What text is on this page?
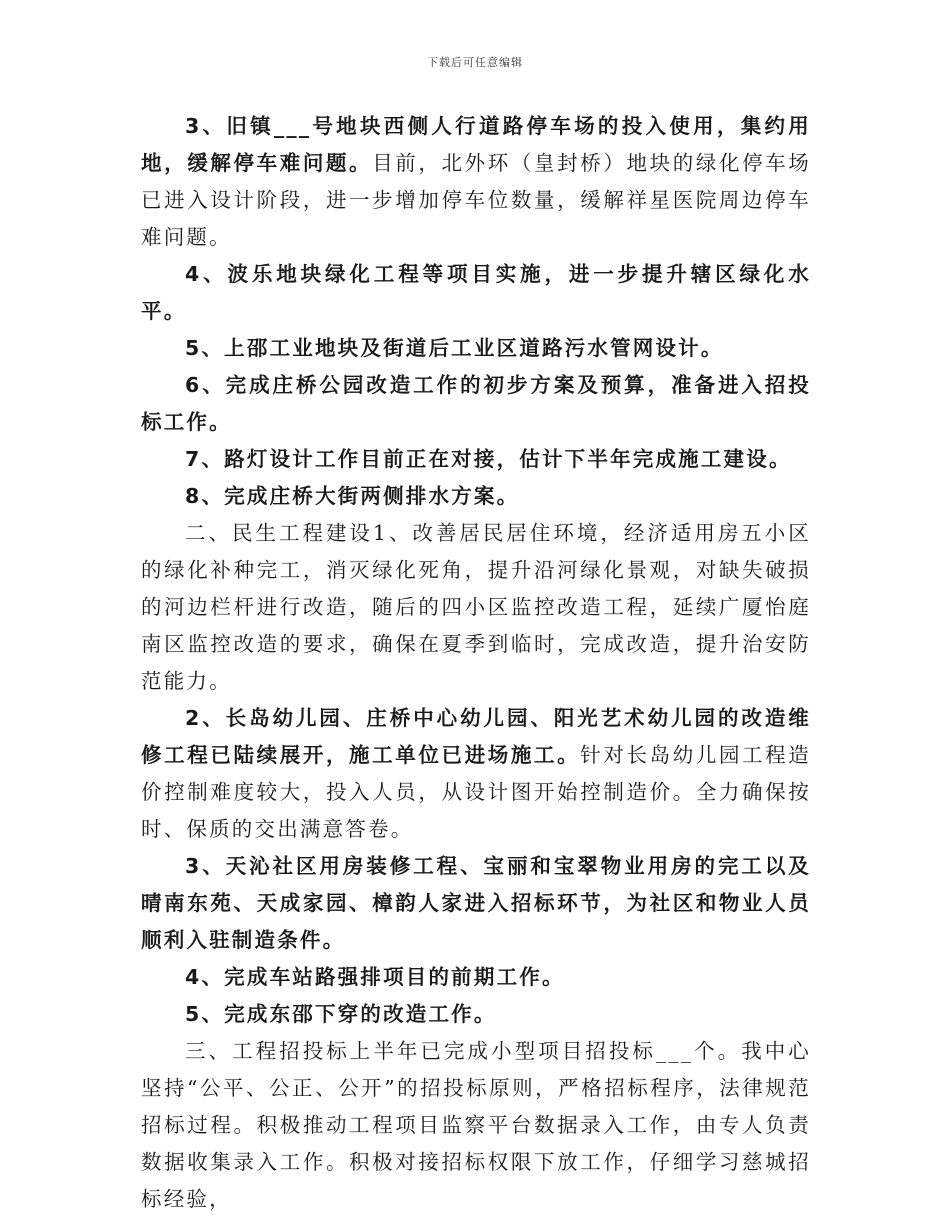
下载后可任意编辑

3、旧镇___号地块西侧人行道路停车场的投入使用，集约用地，缓解停车难问题。目前，北外环（皇封桥）地块的绿化停车场已进入设计阶段，进一步增加停车位数量，缓解祥星医院周边停车难问题。

4、波乐地块绿化工程等项目实施，进一步提升辖区绿化水平。

5、上邵工业地块及街道后工业区道路污水管网设计。

6、完成庄桥公园改造工作的初步方案及预算，准备进入招投标工作。

7、路灯设计工作目前正在对接，估计下半年完成施工建设。

8、完成庄桥大街两侧排水方案。

二、民生工程建设1、改善居民居住环境，经济适用房五小区的绿化补种完工，消灭绿化死角，提升沿河绿化景观，对缺失破损的河边栏杆进行改造，随后的四小区监控改造工程，延续广厦怡庭南区监控改造的要求，确保在夏季到临时，完成改造，提升治安防范能力。

2、长岛幼儿园、庄桥中心幼儿园、阳光艺术幼儿园的改造维修工程已陆续展开，施工单位已进场施工。针对长岛幼儿园工程造价控制难度较大，投入人员，从设计图开始控制造价。全力确保按时、保质的交出满意答卷。

3、天沁社区用房装修工程、宝丽和宝翠物业用房的完工以及晴南东苑、天成家园、樟韵人家进入招标环节，为社区和物业人员顺利入驻制造条件。

4、完成车站路强排项目的前期工作。

5、完成东邵下穿的改造工作。

三、工程招投标上半年已完成小型项目招投标___个。我中心坚持“公平、公正、公开”的招投标原则，严格招标程序，法律规范招标过程。积极推动工程项目监察平台数据录入工作，由专人负责数据收集录入工作。积极对接招标权限下放工作，仔细学习慈城招标经验，
